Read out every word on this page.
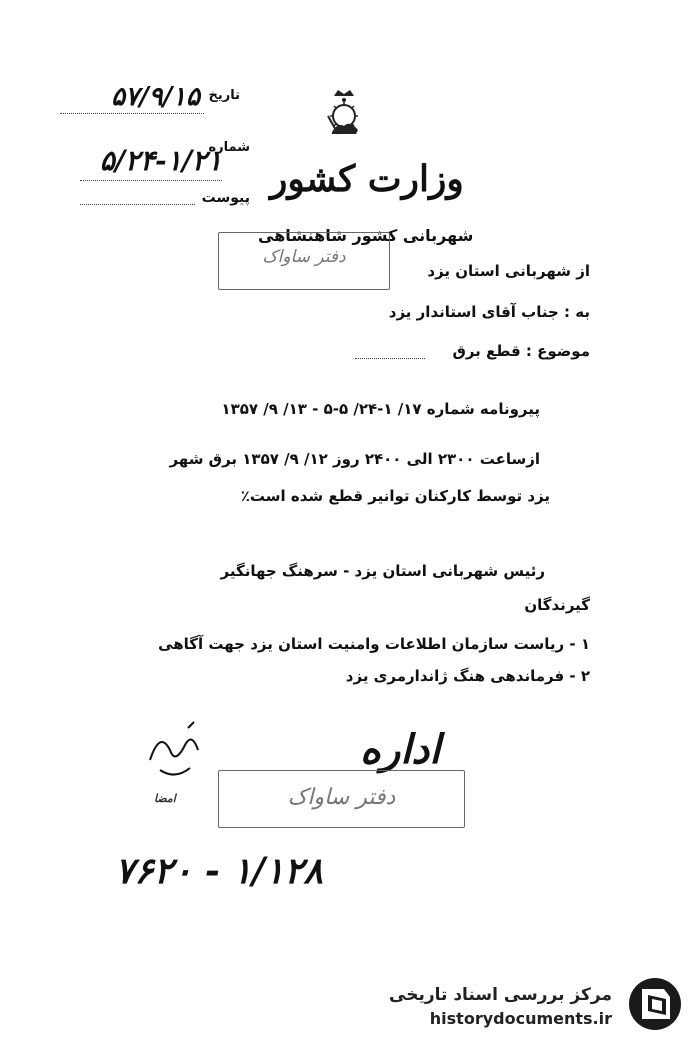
تاریخ
۵۷/۹/۱۵
شماره
۵/۲۴-۱/۲۱
پیوست وزارت کشور
شهربانی کشور شاهنشاهی
دفتر ساواک
از شهربانی استان یزد
به : جناب آقای استاندار یزد
موضوع : قطع برق
پیرونامه شماره ۱۷/ ۱-۲۴/ ۵-۵ - ۱۳/ ۹/ ۱۳۵۷
ازساعت ۲۳۰۰ الی ۲۴۰۰ روز ۱۲/ ۹/ ۱۳۵۷ برق شهر
یزد توسط کارکنان توانیر قطع شده است٪
رئیس شهربانی استان یزد - سرهنگ جهانگیر
گیرندگان
۱ - ریاست سازمان اطلاعات وامنیت استان یزد جهت آگاهی
۲ - فرماندهی هنگ ژاندارمری یزد
امضا
اداره
دفتر ساواک
۷۶۲۰ - ۱/۱۲۸
مرکز بررسی اسناد تاریخی
historydocuments.ir
